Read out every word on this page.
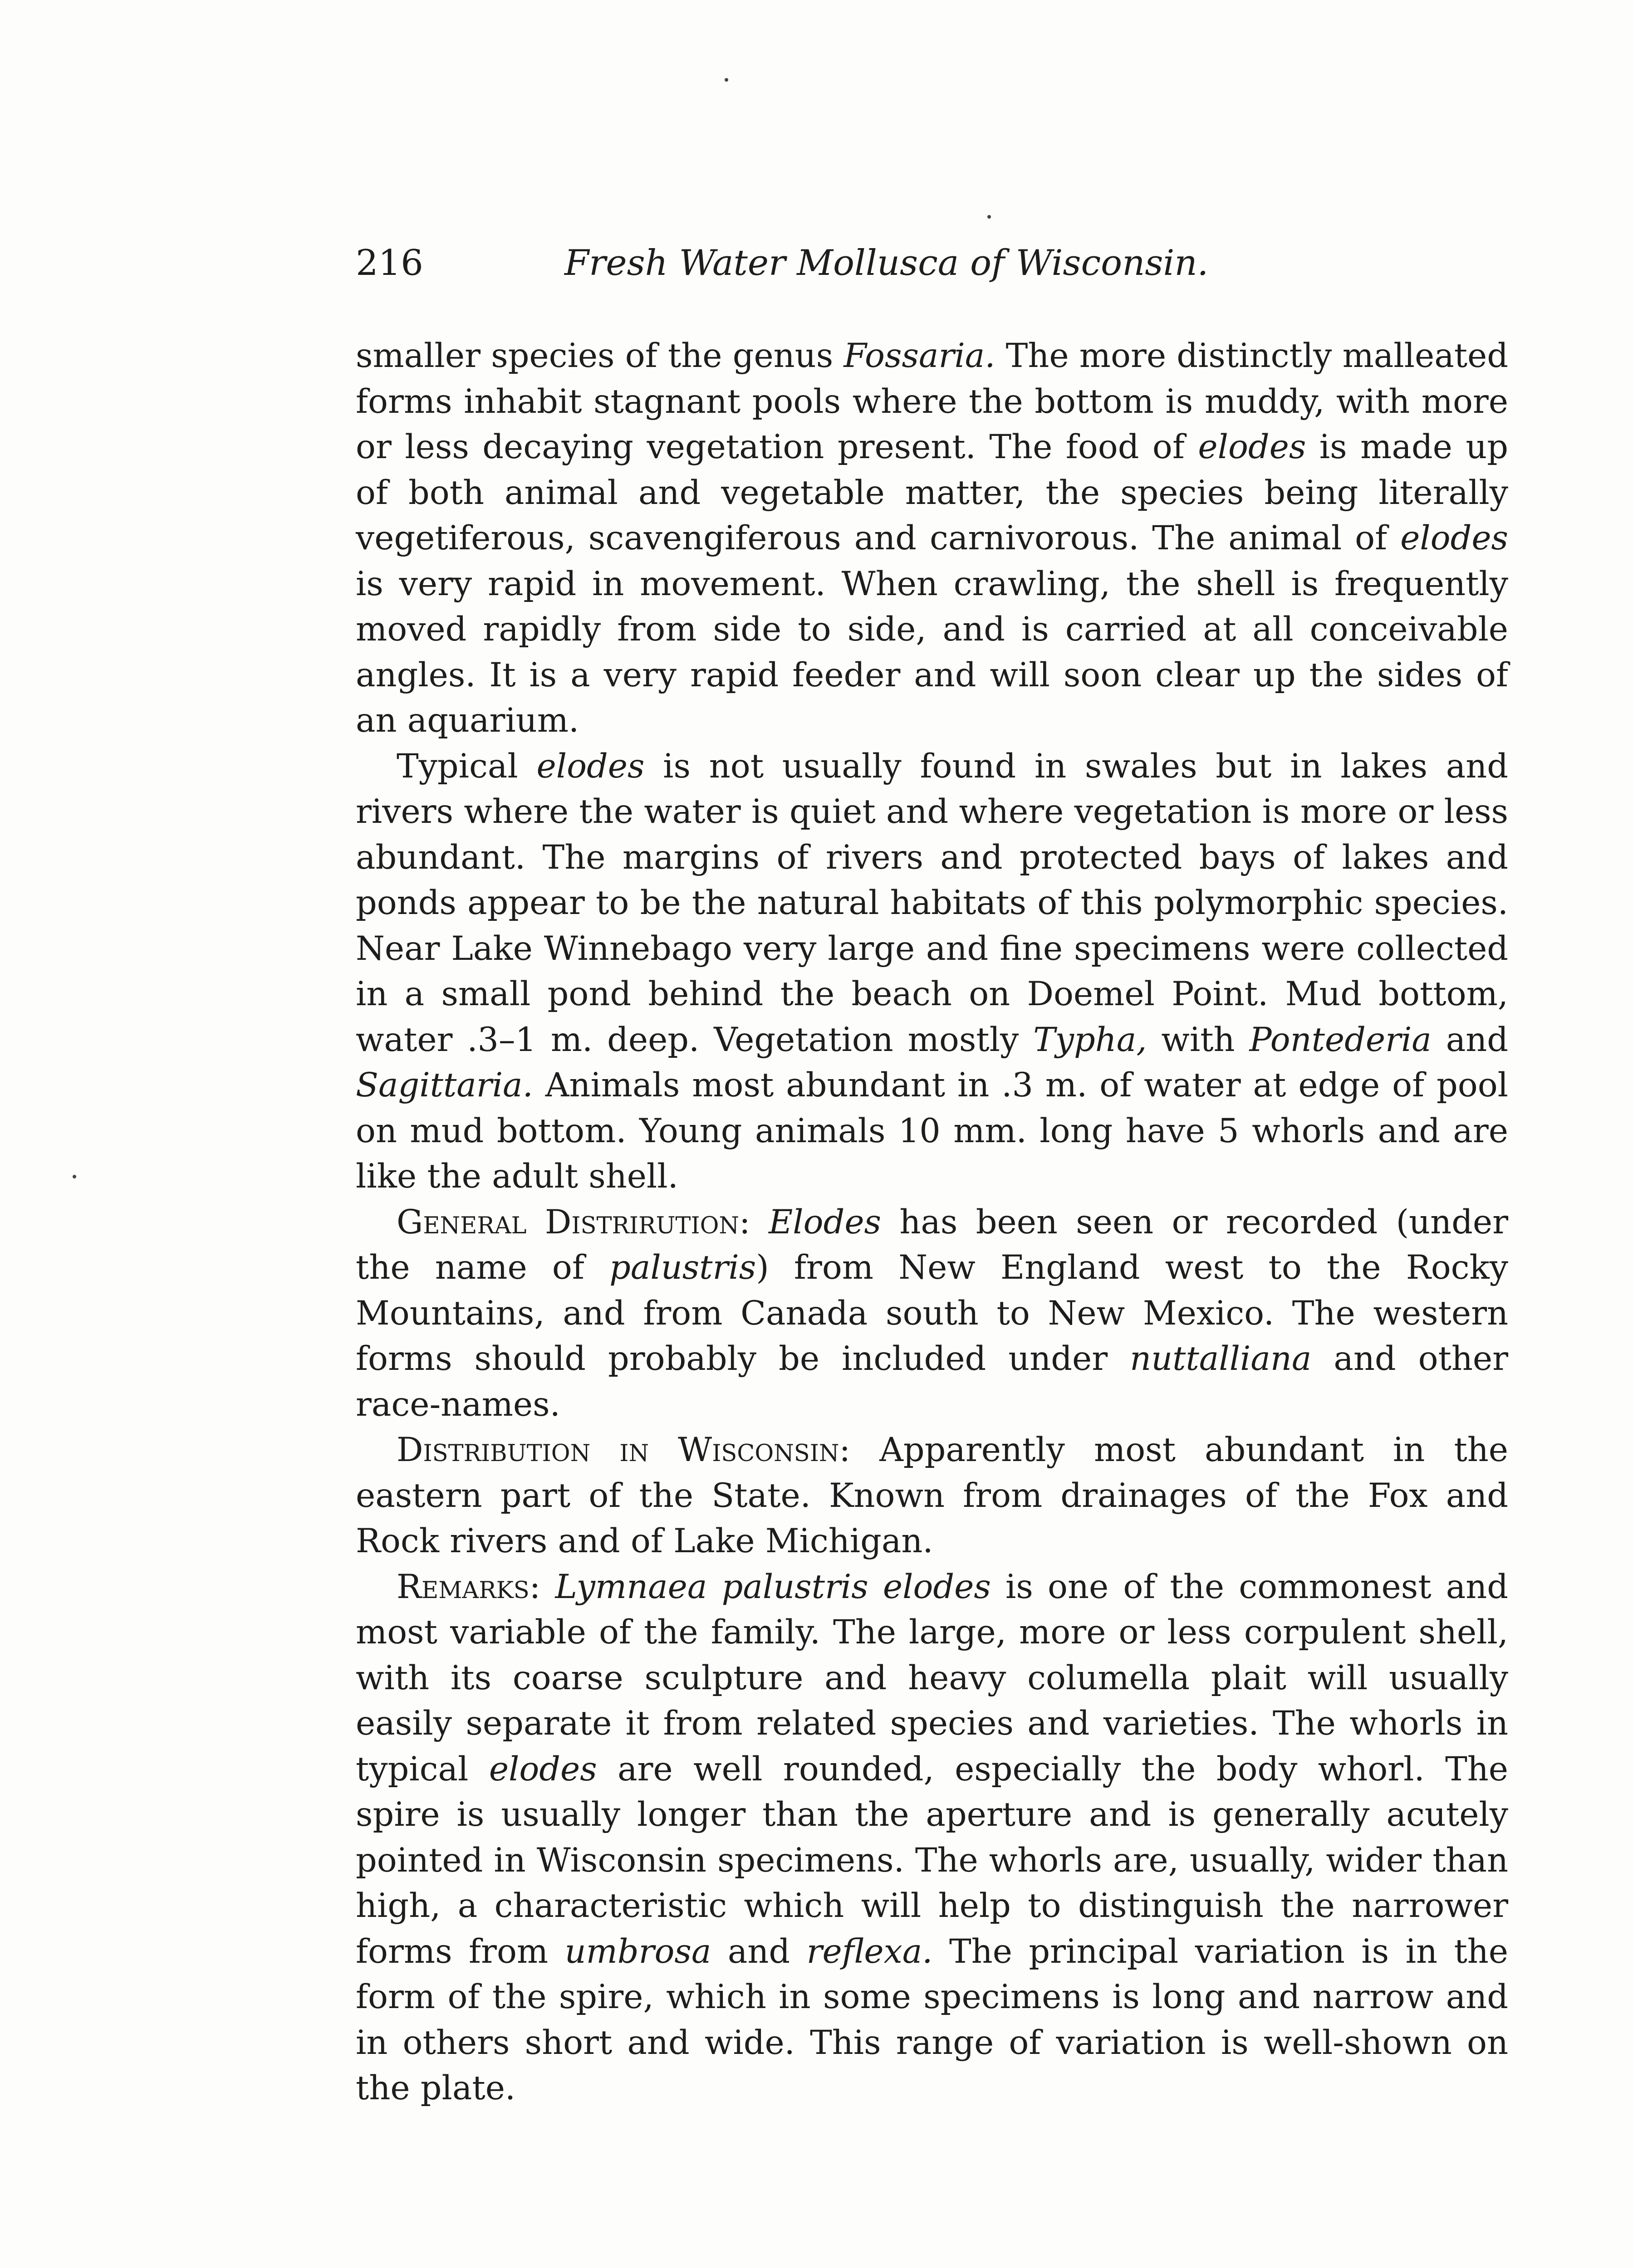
216	Fresh Water Mollusca of Wisconsin.

smaller species of the genus Fossaria. The more distinctly malleated forms inhabit stagnant pools where the bottom is muddy, with more or less decaying vegetation present. The food of elodes is made up of both animal and vegetable matter, the species being literally vegetiferous, scavengiferous and carnivorous. The animal of elodes is very rapid in movement. When crawling, the shell is frequently moved rapidly from side to side, and is carried at all conceivable angles. It is a very rapid feeder and will soon clear up the sides of an aquarium.

Typical elodes is not usually found in swales but in lakes and rivers where the water is quiet and where vegetation is more or less abundant. The margins of rivers and protected bays of lakes and ponds appear to be the natural habitats of this polymorphic species. Near Lake Winnebago very large and fine specimens were collected in a small pond behind the beach on Doemel Point. Mud bottom, water .3–1 m. deep. Vegetation mostly Typha, with Pontederia and Sagittaria. Animals most abundant in .3 m. of water at edge of pool on mud bottom. Young animals 10 mm. long have 5 whorls and are like the adult shell.

General Distrirution: Elodes has been seen or recorded (under the name of palustris) from New England west to the Rocky Mountains, and from Canada south to New Mexico. The western forms should probably be included under nuttalliana and other race-names.

Distribution in Wisconsin: Apparently most abundant in the eastern part of the State. Known from drainages of the Fox and Rock rivers and of Lake Michigan.

Remarks: Lymnaea palustris elodes is one of the commonest and most variable of the family. The large, more or less corpulent shell, with its coarse sculpture and heavy columella plait will usually easily separate it from related species and varieties. The whorls in typical elodes are well rounded, especially the body whorl. The spire is usually longer than the aperture and is generally acutely pointed in Wisconsin specimens. The whorls are, usually, wider than high, a characteristic which will help to distinguish the narrower forms from umbrosa and reflexa. The principal variation is in the form of the spire, which in some specimens is long and narrow and in others short and wide. This range of variation is well-shown on the plate.
